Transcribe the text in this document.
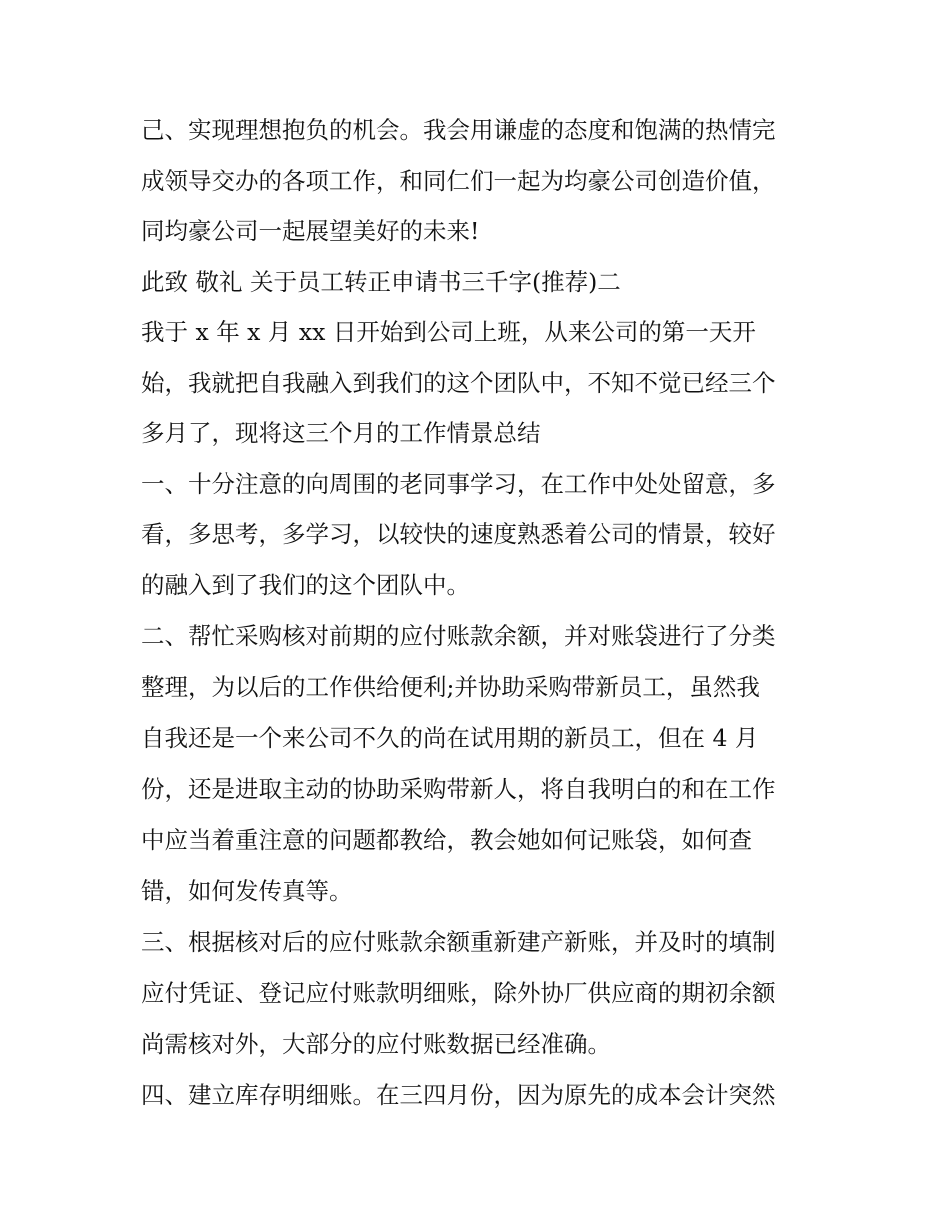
己、实现理想抱负的机会。我会用谦虚的态度和饱满的热情完
成领导交办的各项工作，和同仁们一起为均豪公司创造价值，
同均豪公司一起展望美好的未来!
此致 敬礼 关于员工转正申请书三千字(推荐)二
我于 x 年 x 月 xx 日开始到公司上班，从来公司的第一天开
始，我就把自我融入到我们的这个团队中，不知不觉已经三个
多月了，现将这三个月的工作情景总结
一、十分注意的向周围的老同事学习，在工作中处处留意，多
看，多思考，多学习，以较快的速度熟悉着公司的情景，较好
的融入到了我们的这个团队中。
二、帮忙采购核对前期的应付账款余额，并对账袋进行了分类
整理，为以后的工作供给便利;并协助采购带新员工，虽然我
自我还是一个来公司不久的尚在试用期的新员工，但在 4 月
份，还是进取主动的协助采购带新人，将自我明白的和在工作
中应当着重注意的问题都教给，教会她如何记账袋，如何查
错，如何发传真等。
三、根据核对后的应付账款余额重新建产新账，并及时的填制
应付凭证、登记应付账款明细账，除外协厂供应商的期初余额
尚需核对外，大部分的应付账数据已经准确。
四、建立库存明细账。在三四月份，因为原先的成本会计突然
